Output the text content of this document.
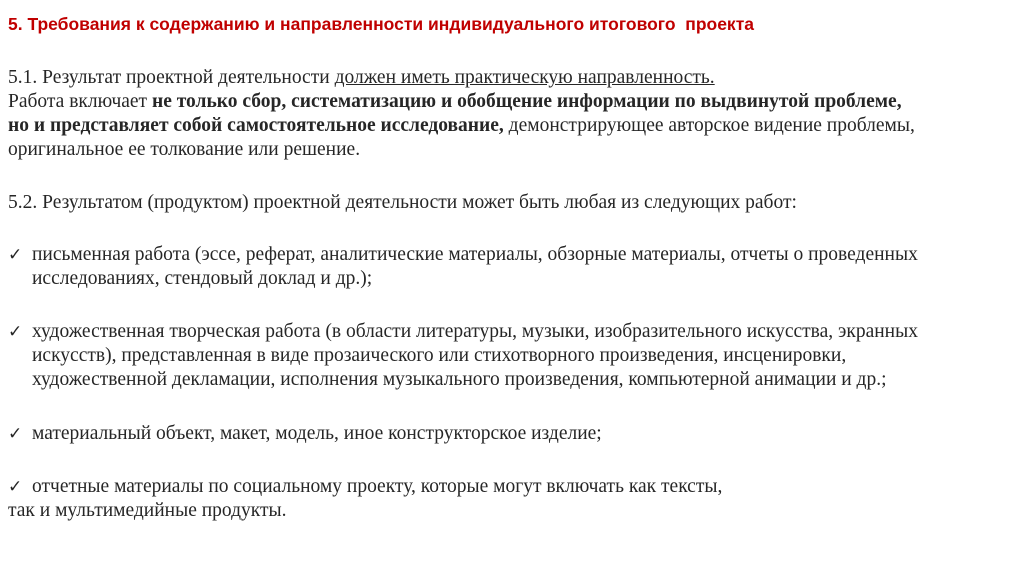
5. Требования к содержанию и направленности индивидуального итогового  проекта
5.1. Результат проектной деятельности должен иметь практическую направленность.
Работа включает не только сбор, систематизацию и обобщение информации по выдвинутой проблеме,
но и представляет собой самостоятельное исследование, демонстрирующее авторское видение проблемы,
оригинальное ее толкование или решение.
5.2. Результатом (продуктом) проектной деятельности может быть любая из следующих работ:
✓ письменная работа (эссе, реферат, аналитические материалы, обзорные материалы, отчеты о проведенных
исследованиях, стендовый доклад и др.);
✓ художественная творческая работа (в области литературы, музыки, изобразительного искусства, экранных
искусств), представленная в виде прозаического или стихотворного произведения, инсценировки,
художественной декламации, исполнения музыкального произведения, компьютерной анимации и др.;
✓ материальный объект, макет, модель, иное конструкторское изделие;
✓ отчетные материалы по социальному проекту, которые могут включать как тексты,
так и мультимедийные продукты.
